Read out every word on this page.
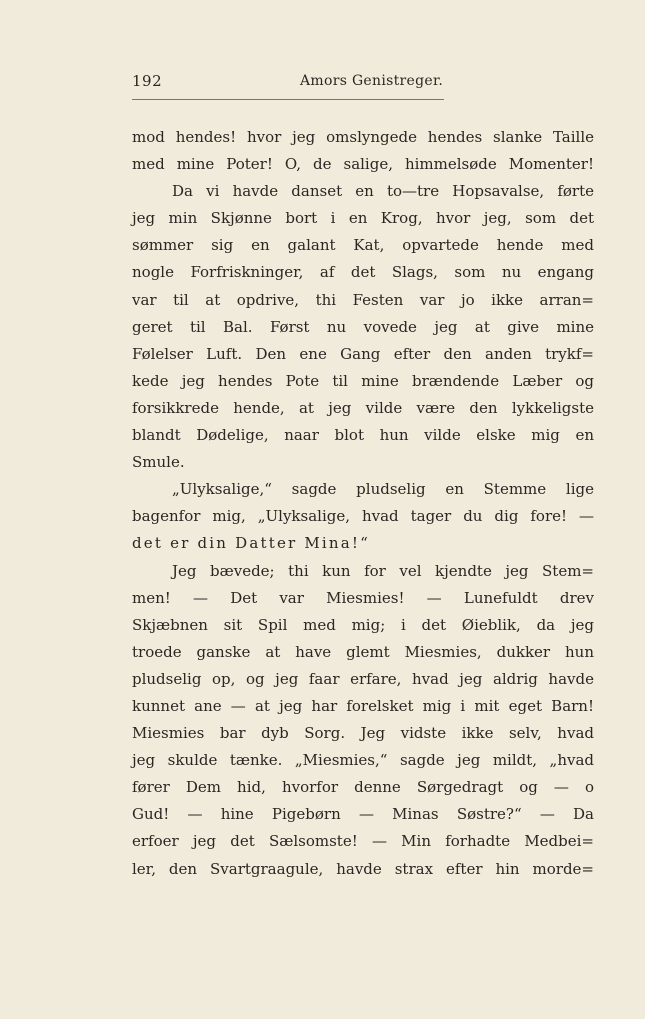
192	Amors Genistreger.
mod hendes! hvor jeg omslyngede hendes slanke Taille
med mine Poter! O, de salige, himmelsøde Momenter!
Da vi havde danset en to—tre Hopsavalse, førte
jeg min Skjønne bort i en Krog, hvor jeg, som det
sømmer sig en galant Kat, opvartede hende med
nogle Forfriskninger, af det Slags, som nu engang
var til at opdrive, thi Festen var jo ikke arran=
geret til Bal. Først nu vovede jeg at give mine
Følelser Luft. Den ene Gang efter den anden trykf=
kede jeg hendes Pote til mine brændende Læber og
forsikkrede hende, at jeg vilde være den lykkeligste
blandt Dødelige, naar blot hun vilde elske mig en
Smule.
„Ulyksalige,“ sagde pludselig en Stemme lige
bagenfor mig, „Ulyksalige, hvad tager du dig fore! —
det er din Datter Mina!“
Jeg bævede; thi kun for vel kjendte jeg Stem=
men! — Det var Miesmies! — Lunefuldt drev
Skjæbnen sit Spil med mig; i det Øieblik, da jeg
troede ganske at have glemt Miesmies, dukker hun
pludselig op, og jeg faar erfare, hvad jeg aldrig havde
kunnet ane — at jeg har forelsket mig i mit eget Barn!
Miesmies bar dyb Sorg. Jeg vidste ikke selv, hvad
jeg skulde tænke. „Miesmies,“ sagde jeg mildt, „hvad
fører Dem hid, hvorfor denne Sørgedragt og — o
Gud! — hine Pigebørn — Minas Søstre?“ — Da
erfoer jeg det Sælsomste! — Min forhadte Medbei=
ler, den Svartgraagule, havde strax efter hin morde=
